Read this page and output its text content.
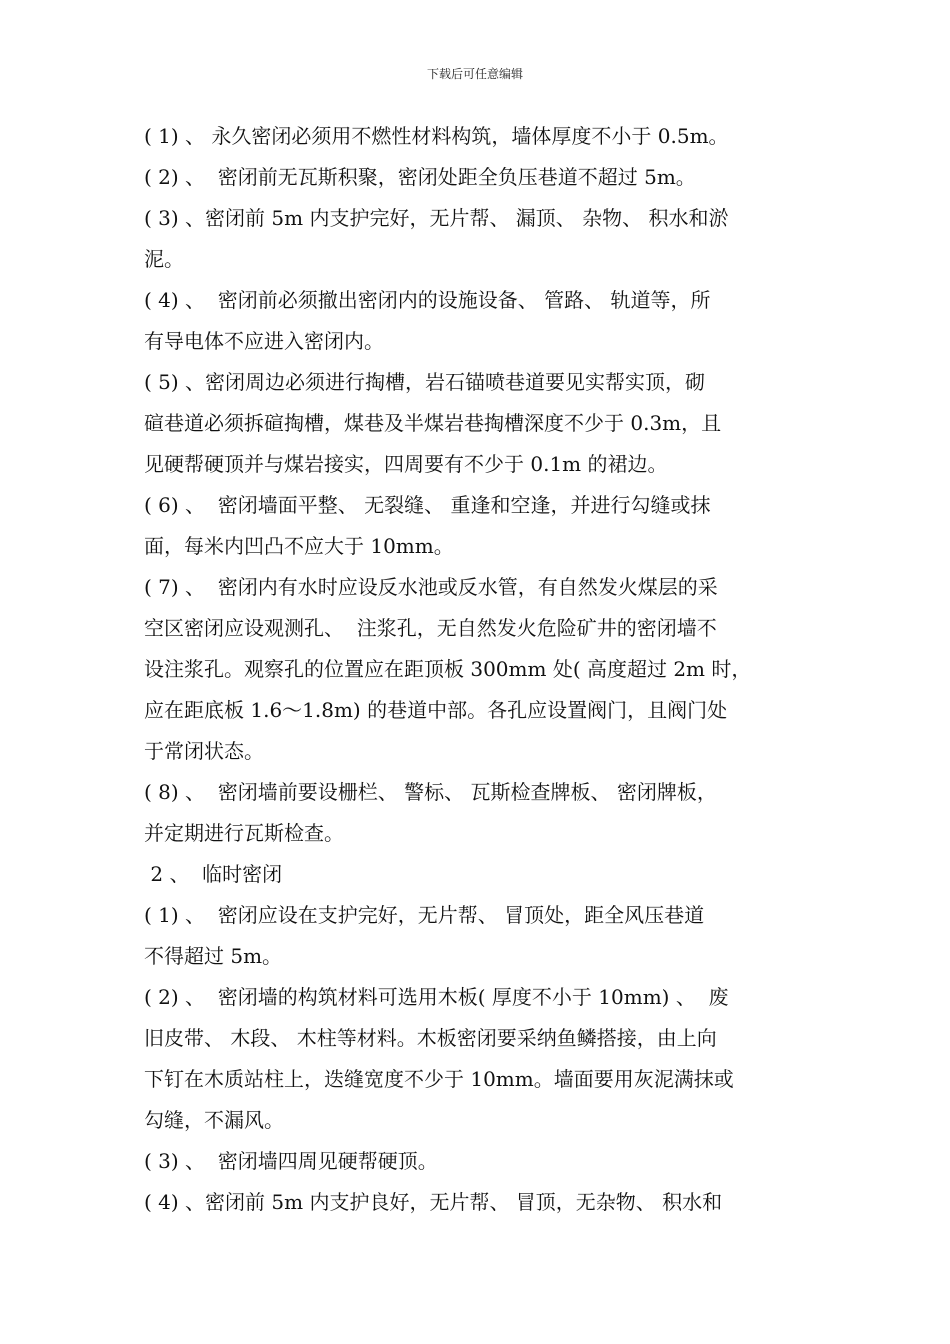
下载后可任意编辑
( 1) 、 永久密闭必须用不燃性材料构筑，墙体厚度不小于 0.5m。
( 2) 、  密闭前无瓦斯积聚，密闭处距全负压巷道不超过 5m。
( 3) 、密闭前 5m 内支护完好，无片帮、 漏顶、 杂物、 积水和淤
泥。
( 4) 、  密闭前必须撤出密闭内的设施设备、 管路、 轨道等，所
有导电体不应进入密闭内。
( 5) 、密闭周边必须进行掏槽，岩石锚喷巷道要见实帮实顶，砌
碹巷道必须拆碹掏槽，煤巷及半煤岩巷掏槽深度不少于 0.3m，且
见硬帮硬顶并与煤岩接实，四周要有不少于 0.1m 的裙边。
( 6) 、  密闭墙面平整、 无裂缝、 重逢和空逢，并进行勾缝或抹
面，每米内凹凸不应大于 10mm。
( 7) 、  密闭内有水时应设反水池或反水管，有自然发火煤层的采
空区密闭应设观测孔、  注浆孔，无自然发火危险矿井的密闭墙不
设注浆孔。观察孔的位置应在距顶板 300mm 处( 高度超过 2m 时，
应在距底板 1.6～1.8m) 的巷道中部。各孔应设置阀门，且阀门处
于常闭状态。
( 8) 、  密闭墙前要设栅栏、 警标、 瓦斯检查牌板、 密闭牌板，
并定期进行瓦斯检查。
2 、  临时密闭
( 1) 、  密闭应设在支护完好，无片帮、 冒顶处，距全风压巷道
不得超过 5m。
( 2) 、  密闭墙的构筑材料可选用木板( 厚度不小于 10mm) 、  废
旧皮带、 木段、 木柱等材料。木板密闭要采纳鱼鳞搭接，由上向
下钉在木质站柱上，迭缝宽度不少于 10mm。墙面要用灰泥满抹或
勾缝，不漏风。
( 3) 、  密闭墙四周见硬帮硬顶。
( 4) 、密闭前 5m 内支护良好，无片帮、 冒顶，无杂物、 积水和
